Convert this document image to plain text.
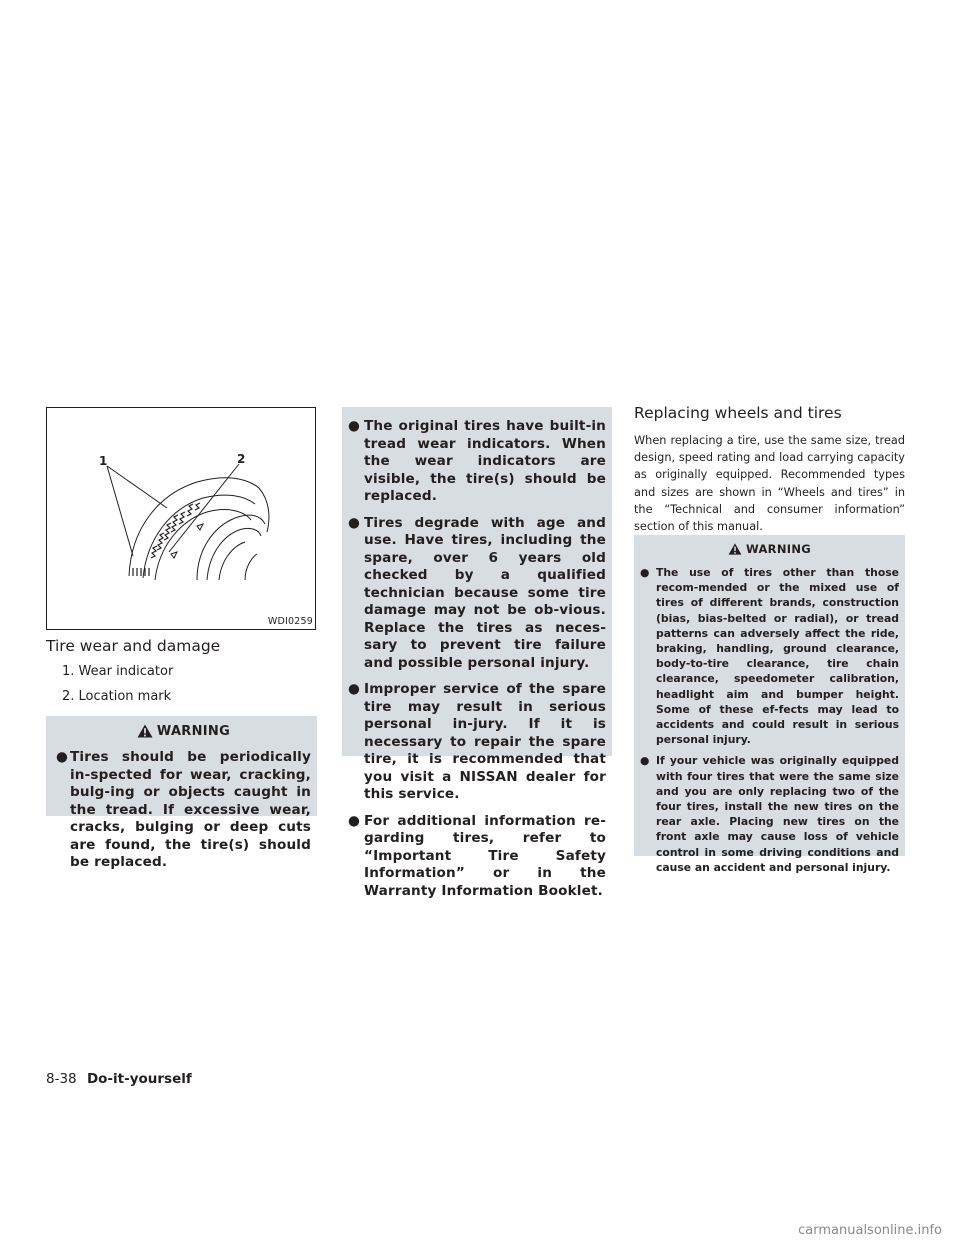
1	2
WDI0259
Tire wear and damage
1. Wear indicator
2. Location mark
WARNING
● Tires should be periodically in-spected for wear, cracking, bulg-ing or objects caught in the tread. If excessive wear, cracks, bulging or deep cuts are found, the tire(s) should be replaced.
● The original tires have built-in tread wear indicators. When the wear indicators are visible, the tire(s) should be replaced.
● Tires degrade with age and use. Have tires, including the spare, over 6 years old checked by a qualified technician because some tire damage may not be ob-vious. Replace the tires as neces-sary to prevent tire failure and possible personal injury.
● Improper service of the spare tire may result in serious personal in-jury. If it is necessary to repair the spare tire, it is recommended that you visit a NISSAN dealer for this service.
● For additional information re-garding tires, refer to “Important Tire Safety Information” or in the Warranty Information Booklet.
Replacing wheels and tires

When replacing a tire, use the same size, tread design, speed rating and load carrying capacity as originally equipped. Recommended types and sizes are shown in “Wheels and tires” in the “Technical and consumer information” section of this manual.

WARNING
● The use of tires other than those recom-mended or the mixed use of tires of different brands, construction (bias, bias-belted or radial), or tread patterns can adversely affect the ride, braking, handling, ground clearance, body-to-tire clearance, tire chain clearance, speedometer calibration, headlight aim and bumper height. Some of these ef-fects may lead to accidents and could result in serious personal injury.
● If your vehicle was originally equipped with four tires that were the same size and you are only replacing two of the four tires, install the new tires on the rear axle. Placing new tires on the front axle may cause loss of vehicle control in some driving conditions and cause an accident and personal injury.
8-38 Do-it-yourself
carmanualsonline.info
